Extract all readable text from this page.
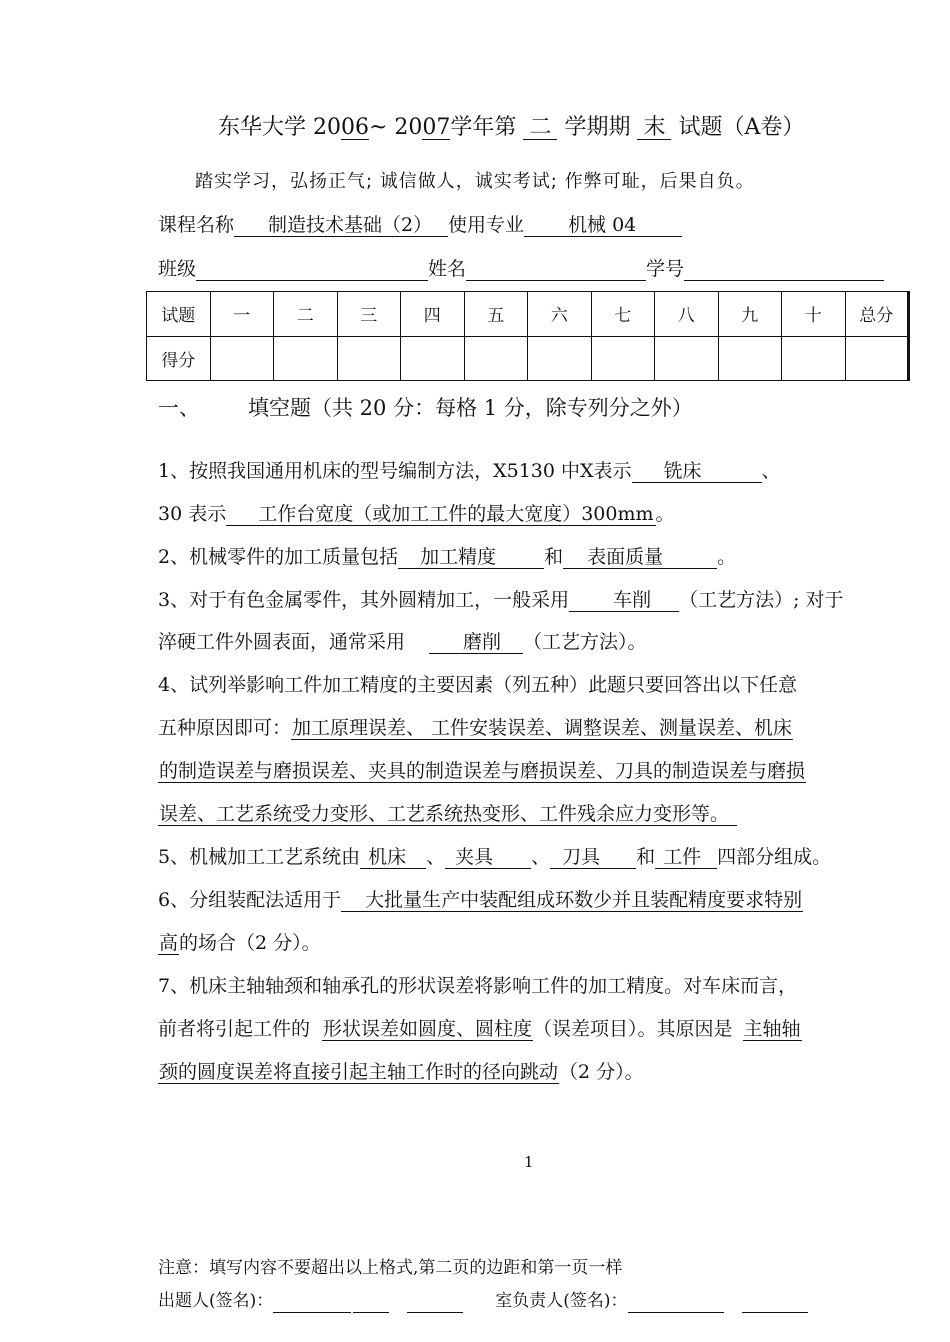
东华大学 2006~ 2007学年第 二 学期期 末 试题（A卷）
踏实学习，弘扬正气; 诚信做人，诚实考试; 作弊可耻，后果自负。
课程名称 制造技术基础（2） 使用专业 机械 04
班级	姓名	学号
试题	一	二	三	四	五	六	七	八	九	十	总分
得分											
一、 填空题（共 20 分：每格 1 分，除专列分之外）
1、按照我国通用机床的型号编制方法，X5130 中X表示 铣床	、
30 表示 工作台宽度（或加工工件的最大宽度）300mm 。
2、机械零件的加工质量包括 加工精度	和 表面质量	。
3、对于有色金属零件，其外圆精加工，一般采用 车削 （工艺方法）; 对于
淬硬工件外圆表面，通常采用	磨削 （工艺方法）。
4、试列举影响工件加工精度的主要因素（列五种）此题只要回答出以下任意
五种原因即可：加工原理误差、 工件安装误差、调整误差、测量误差、机床
的制造误差与磨损误差、夹具的制造误差与磨损误差、刀具的制造误差与磨损
误差、工艺系统受力变形、工艺系统热变形、工件残余应力变形等。
5、机械加工工艺系统由 机床 、 夹具 、 刀具 和 工件 四部分组成。
6、分组装配法适用于 大批量生产中装配组成环数少并且装配精度要求特别
高的场合（2 分）。
7、机床主轴轴颈和轴承孔的形状误差将影响工件的加工精度。对车床而言，
前者将引起工件的 形状误差如圆度、圆柱度（误差项目）。其原因是 主轴轴
颈的圆度误差将直接引起主轴工作时的径向跳动（2 分）。
1
注意：填写内容不要超出以上格式,第二页的边距和第一页一样
出题人(签名)：	室负责人(签名)：
